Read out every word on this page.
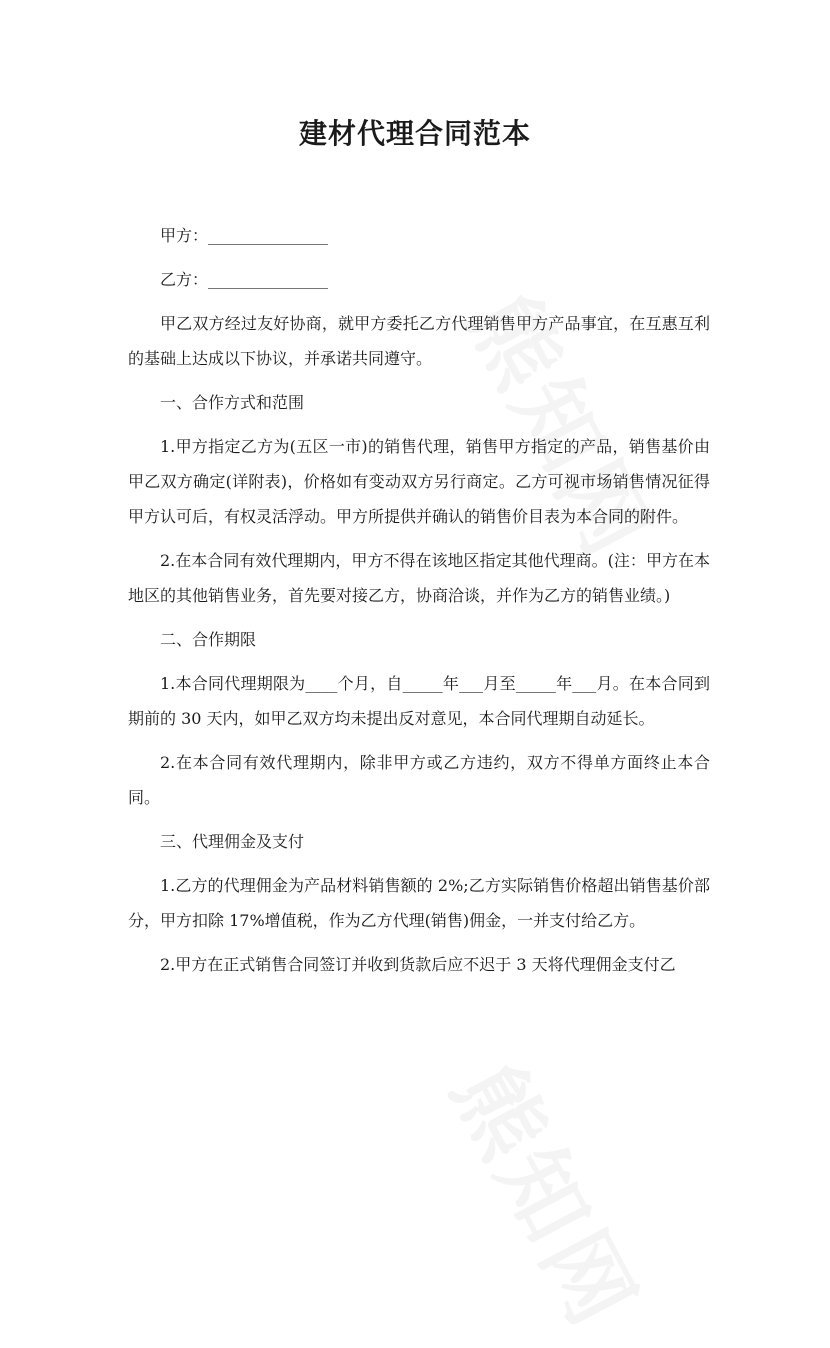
建材代理合同范本

甲方：_______________

乙方：_______________

甲乙双方经过友好协商，就甲方委托乙方代理销售甲方产品事宜，在互惠互利的基础上达成以下协议，并承诺共同遵守。

一、合作方式和范围

1.甲方指定乙方为(五区一市)的销售代理，销售甲方指定的产品，销售基价由甲乙双方确定(详附表)，价格如有变动双方另行商定。乙方可视市场销售情况征得甲方认可后，有权灵活浮动。甲方所提供并确认的销售价目表为本合同的附件。

2.在本合同有效代理期内，甲方不得在该地区指定其他代理商。(注：甲方在本地区的其他销售业务，首先要对接乙方，协商洽谈，并作为乙方的销售业绩。)

二、合作期限

1.本合同代理期限为____个月，自_____年___月至_____年___月。在本合同到期前的 30 天内，如甲乙双方均未提出反对意见，本合同代理期自动延长。

2.在本合同有效代理期内，除非甲方或乙方违约，双方不得单方面终止本合同。

三、代理佣金及支付

1.乙方的代理佣金为产品材料销售额的 2%;乙方实际销售价格超出销售基价部分，甲方扣除 17%增值税，作为乙方代理(销售)佣金，一并支付给乙方。

2.甲方在正式销售合同签订并收到货款后应不迟于 3 天将代理佣金支付乙
